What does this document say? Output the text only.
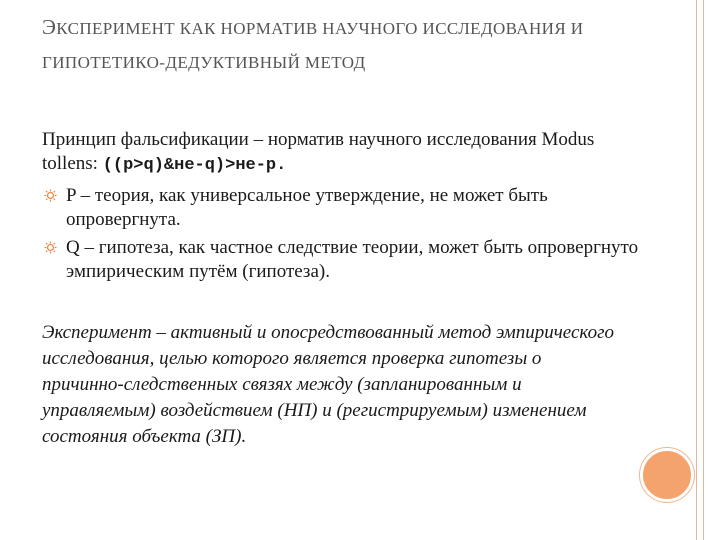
ЭКСПЕРИМЕНТ КАК НОРМАТИВ НАУЧНОГО ИССЛЕДОВАНИЯ И ГИПОТЕТИКО-ДЕДУКТИВНЫЙ МЕТОД
Принцип фальсификации – норматив научного исследования Modus tollens: ((p>q)&не-q)>не-p.
P – теория, как универсальное утверждение, не может быть опровергнута.
Q – гипотеза, как частное следствие теории, может быть опровергнуто эмпирическим путём (гипотеза).
Эксперимент – активный и опосредствованный метод эмпирического исследования, целью которого является проверка гипотезы о причинно-следственных связях между (запланированным и управляемым) воздействием (НП) и (регистрируемым) изменением состояния объекта (ЗП).
